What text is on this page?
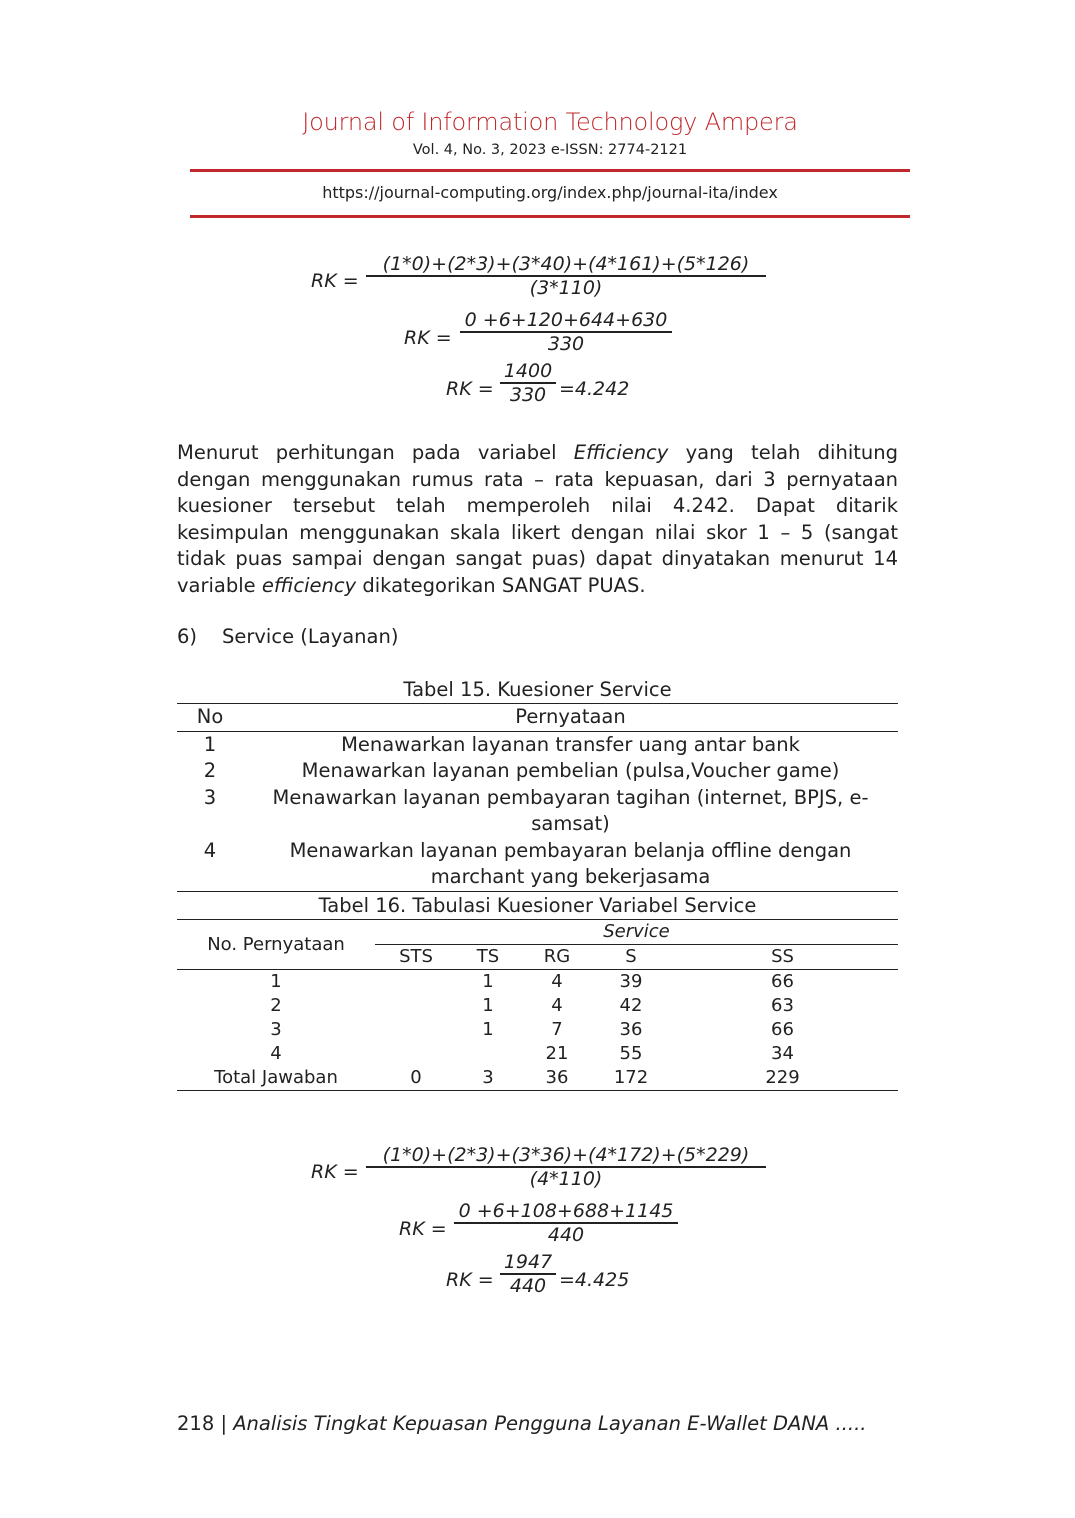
Journal of Information Technology Ampera
Vol. 4, No. 3, 2023 e-ISSN: 2774-2121
https://journal-computing.org/index.php/journal-ita/index
RK =
(1*0)+(2*3)+(3*40)+(4*161)+(5*126)
(3*110)
RK =
0 +6+120+644+630
330
RK =
1400
330 =4.242

Menurut perhitungan pada variabel Efficiency yang telah dihitung dengan menggunakan rumus rata – rata kepuasan, dari 3 pernyataan kuesioner tersebut telah memperoleh nilai 4.242. Dapat ditarik kesimpulan menggunakan skala likert dengan nilai skor 1 – 5 (sangat tidak puas sampai dengan sangat puas) dapat dinyatakan menurut 14 variable efficiency dikategorikan SANGAT PUAS.

6) Service (Layanan)
Tabel 15. Kuesioner Service
No	Pernyataan
1	Menawarkan layanan transfer uang antar bank
2	Menawarkan layanan pembelian (pulsa,Voucher game)
3	Menawarkan layanan pembayaran tagihan (internet, BPJS, e-samsat)
4	Menawarkan layanan pembayaran belanja offline dengan marchant yang bekerjasama
Tabel 16. Tabulasi Kuesioner Variabel Service
No. Pernyataan	Service				
	STS	TS	RG	S	SS
1		1	4	39	66
2		1	4	42	63
3		1	7	36	66
4			21	55	34
Total Jawaban	0	3	36	172	229
RK =
(1*0)+(2*3)+(3*36)+(4*172)+(5*229)
(4*110)
RK =
0 +6+108+688+1145
440
RK =
1947
440 =4.425
218 | Analisis Tingkat Kepuasan Pengguna Layanan E-Wallet DANA .....
